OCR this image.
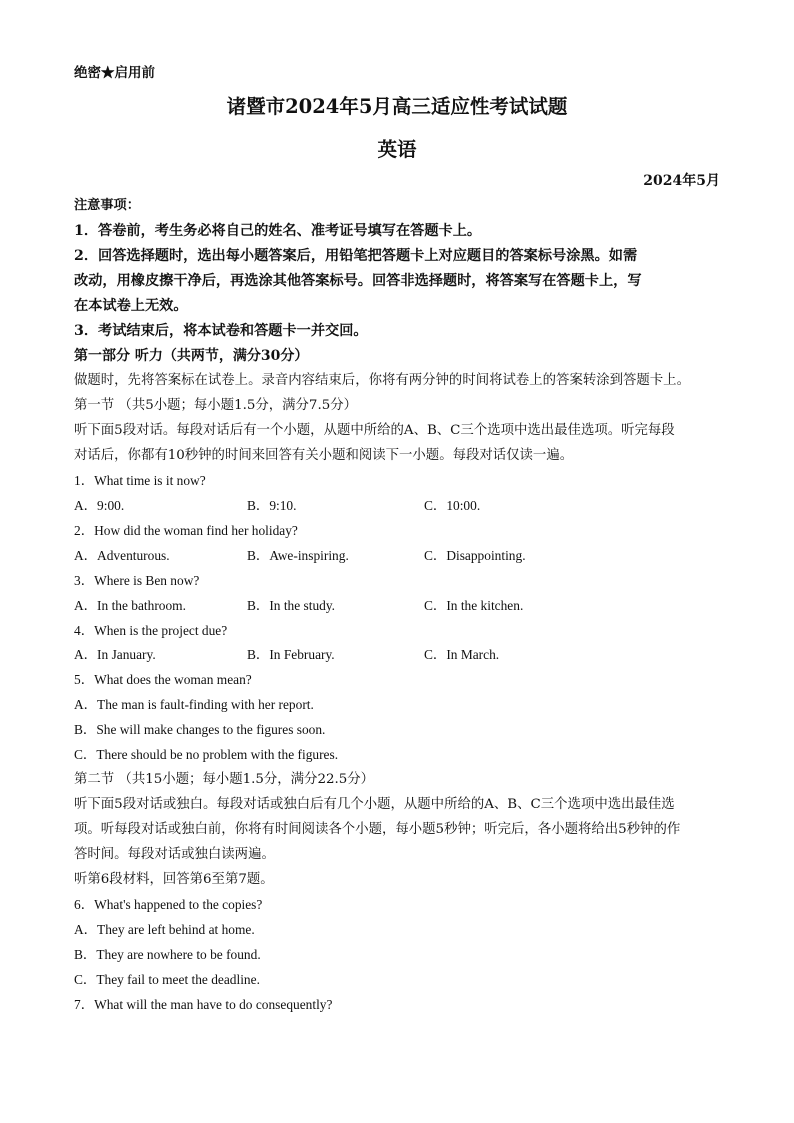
绝密★启用前
诸暨市2024年5月高三适应性考试试题
英语
2024年5月
注意事项：
1．答卷前，考生务必将自己的姓名、准考证号填写在答题卡上。
2．回答选择题时，选出每小题答案后，用铅笔把答题卡上对应题目的答案标号涂黑。如需
改动，用橡皮擦干净后，再选涂其他答案标号。回答非选择题时，将答案写在答题卡上，写
在本试卷上无效。
3．考试结束后，将本试卷和答题卡一并交回。
第一部分 听力（共两节，满分30分）
做题时，先将答案标在试卷上。录音内容结束后，你将有两分钟的时间将试卷上的答案转涂到答题卡上。
第一节 （共5小题；每小题1.5分，满分7.5分）
听下面5段对话。每段对话后有一个小题，从题中所给的A、B、C三个选项中选出最佳选项。听完每段
对话后，你都有10秒钟的时间来回答有关小题和阅读下一小题。每段对话仅读一遍。
1．What time is it now?
A．9:00.	B．9:10.	C．10:00.
2．How did the woman find her holiday?
A．Adventurous.	B．Awe-inspiring.	C．Disappointing.
3．Where is Ben now?
A．In the bathroom.	B．In the study.	C．In the kitchen.
4．When is the project due?
A．In January.	B．In February.	C．In March.
5．What does the woman mean?
A．The man is fault-finding with her report.
B．She will make changes to the figures soon.
C．There should be no problem with the figures.
第二节 （共15小题；每小题1.5分，满分22.5分）
听下面5段对话或独白。每段对话或独白后有几个小题，从题中所给的A、B、C三个选项中选出最佳选
项。听每段对话或独白前，你将有时间阅读各个小题，每小题5秒钟；听完后，各小题将给出5秒钟的作
答时间。每段对话或独白读两遍。
听第6段材料，回答第6至第7题。
6．What's happened to the copies?
A．They are left behind at home.
B．They are nowhere to be found.
C．They fail to meet the deadline.
7．What will the man have to do consequently?
